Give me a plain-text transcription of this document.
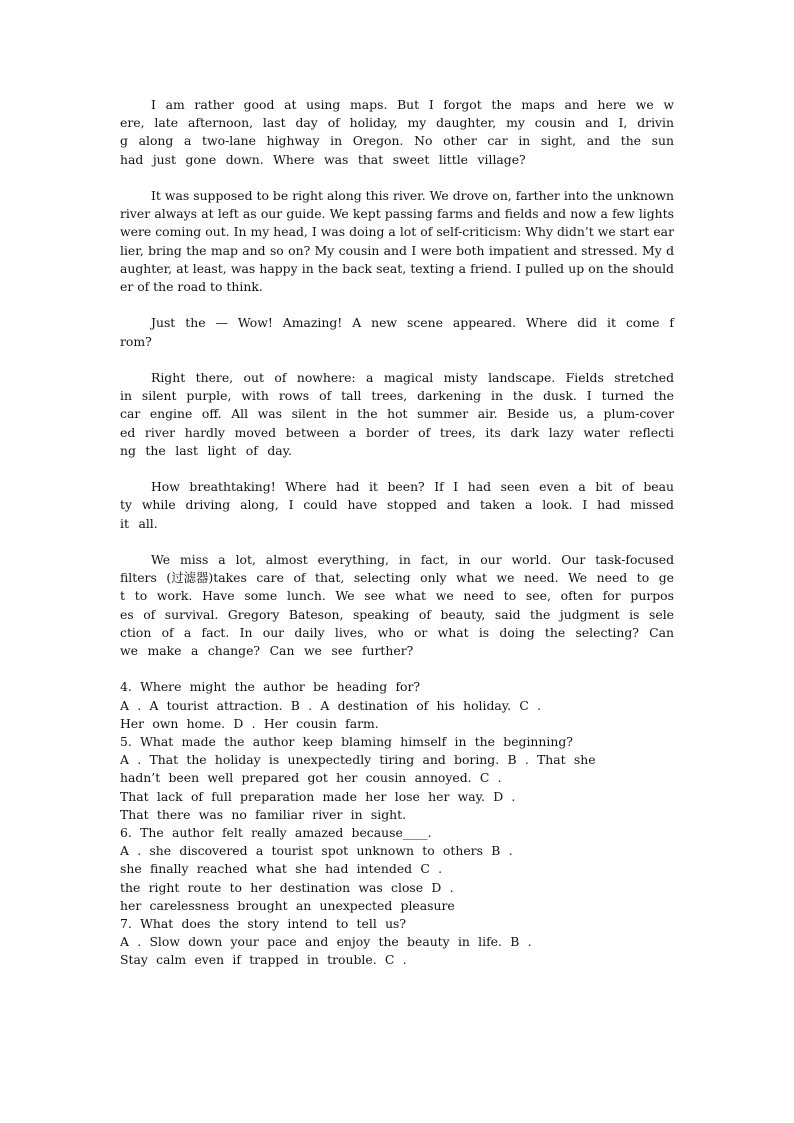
I am rather good at using maps. But I forgot the maps and here we were, late afternoon, last day of holiday, my daughter, my cousin and I, driving along a two-lane highway in Oregon. No other car in sight, and the sun had just gone down. Where was that sweet little village?

It was supposed to be right along this river. We drove on, farther into the unknown river always at left as our guide. We kept passing farms and fields and now a few lights were coming out. In my head, I was doing a lot of self-criticism: Why didn’t we start earlier, bring the map and so on? My cousin and I were both impatient and stressed. My daughter, at least, was happy in the back seat, texting a friend. I pulled up on the shoulder of the road to think.

Just the — Wow! Amazing! A new scene appeared. Where did it come from?

Right there, out of nowhere: a magical misty landscape. Fields stretched in silent purple, with rows of tall trees, darkening in the dusk. I turned the car engine off. All was silent in the hot summer air. Beside us, a plum-covered river hardly moved between a border of trees, its dark lazy water reflecting the last light of day.

How breathtaking! Where had it been? If I had seen even a bit of beauty while driving along, I could have stopped and taken a look. I had missed it all.

We miss a lot, almost everything, in fact, in our world. Our task-focused filters (过滤器)takes care of that, selecting only what we need. We need to get to work. Have some lunch. We see what we need to see, often for purposes of survival. Gregory Bateson, speaking of beauty, said the judgment is selection of a fact. In our daily lives, who or what is doing the selecting? Can we make a change? Can we see further?

4. Where might the author be heading for?

A . A tourist attraction. B . A destination of his holiday. C .

Her own home. D . Her cousin farm.

5. What made the author keep blaming himself in the beginning?

A . That the holiday is unexpectedly tiring and boring. B . That she

hadn’t been well prepared got her cousin annoyed. C .

That lack of full preparation made her lose her way. D .

That there was no familiar river in sight.

6. The author felt really amazed because____.

A . she discovered a tourist spot unknown to others B .

she finally reached what she had intended C .

the right route to her destination was close D .

her carelessness brought an unexpected pleasure

7. What does the story intend to tell us?

A . Slow down your pace and enjoy the beauty in life. B .

Stay calm even if trapped in trouble. C .
